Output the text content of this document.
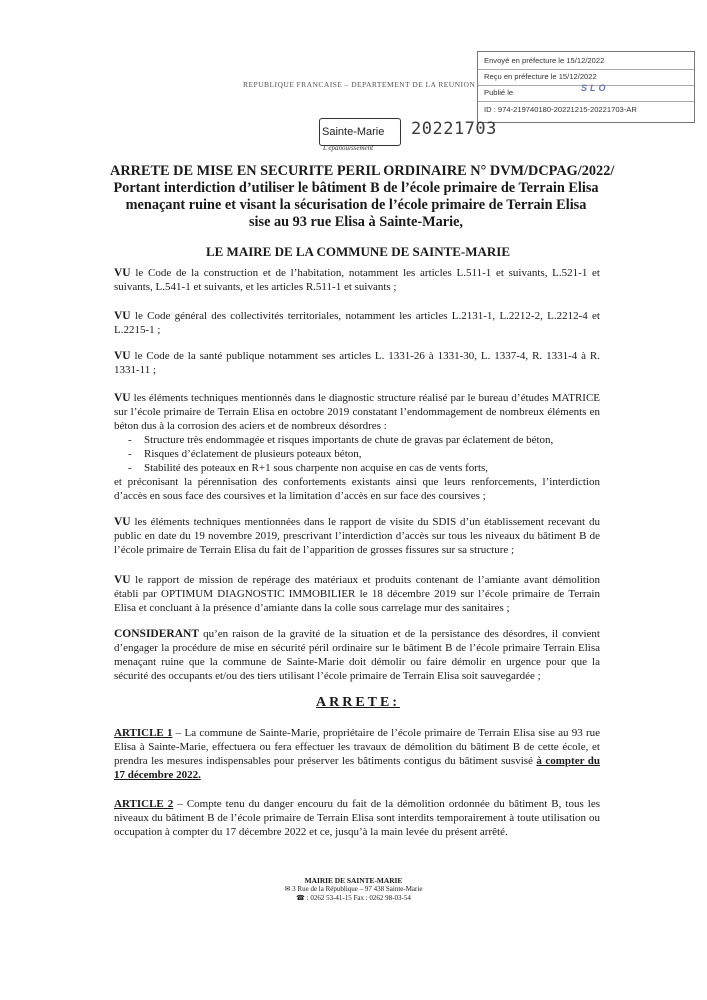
Envoyé en préfecture le 15/12/2022
Reçu en préfecture le 15/12/2022
Publié le	SLO
ID : 974-219740180-20221215-20221703-AR
REPUBLIQUE FRANCAISE – DEPARTEMENT DE LA REUNION
Sainte-Marie
L'épanouissement
20221703
ARRETE DE MISE EN SECURITE PERIL ORDINAIRE N° DVM/DCPAG/2022/
Portant interdiction d’utiliser le bâtiment B de l’école primaire de Terrain Elisa
menaçant ruine et visant la sécurisation de l’école primaire de Terrain Elisa
sise au 93 rue Elisa à Sainte-Marie,
LE MAIRE DE LA COMMUNE DE SAINTE-MARIE
VU le Code de la construction et de l’habitation, notamment les articles L.511-1 et suivants, L.521-1 et suivants, L.541-1 et suivants, et les articles R.511-1 et suivants ;
VU le Code général des collectivités territoriales, notamment les articles L.2131-1, L.2212-2, L.2212-4 et L.2215-1 ;
VU le Code de la santé publique notamment ses articles L. 1331-26 à 1331-30, L. 1337-4, R. 1331-4 à R. 1331-11 ;
VU les éléments techniques mentionnés dans le diagnostic structure réalisé par le bureau d’études MATRICE sur l’école primaire de Terrain Elisa en octobre 2019 constatant l’endommagement de nombreux éléments en béton dus à la corrosion des aciers et de nombreux désordres :
- Structure très endommagée et risques importants de chute de gravas par éclatement de béton,
- Risques d’éclatement de plusieurs poteaux béton,
- Stabilité des poteaux en R+1 sous charpente non acquise en cas de vents forts,
et préconisant la pérennisation des confortements existants ainsi que leurs renforcements, l’interdiction d’accès en sous face des coursives et la limitation d’accès en sur face des coursives ;
VU les éléments techniques mentionnées dans le rapport de visite du SDIS d’un établissement recevant du public en date du 19 novembre 2019, prescrivant l’interdiction d’accès sur tous les niveaux du bâtiment B de l’école primaire de Terrain Elisa du fait de l’apparition de grosses fissures sur sa structure ;
VU le rapport de mission de repérage des matériaux et produits contenant de l’amiante avant démolition établi par OPTIMUM DIAGNOSTIC IMMOBILIER le 18 décembre 2019 sur l’école primaire de Terrain Elisa et concluant à la présence d’amiante dans la colle sous carrelage mur des sanitaires ;
CONSIDERANT qu’en raison de la gravité de la situation et de la persistance des désordres, il convient d’engager la procédure de mise en sécurité péril ordinaire sur le bâtiment B de l’école primaire Terrain Elisa menaçant ruine que la commune de Sainte-Marie doit démolir ou faire démolir en urgence pour que la sécurité des occupants et/ou des tiers utilisant l’école primaire de Terrain Elisa soit sauvegardée ;
ARRETE:
ARTICLE 1 – La commune de Sainte-Marie, propriétaire de l’école primaire de Terrain Elisa sise au 93 rue Elisa à Sainte-Marie, effectuera ou fera effectuer les travaux de démolition du bâtiment B de cette école, et prendra les mesures indispensables pour préserver les bâtiments contigus du bâtiment susvisé à compter du 17 décembre 2022.
ARTICLE 2 – Compte tenu du danger encouru du fait de la démolition ordonnée du bâtiment B, tous les niveaux du bâtiment B de l’école primaire de Terrain Elisa sont interdits temporairement à toute utilisation ou occupation à compter du 17 décembre 2022 et ce, jusqu’à la main levée du présent arrêté.
MAIRIE DE SAINTE-MARIE
✉ 3 Rue de la République – 97 438 Sainte-Marie
☎ : 0262 53-41-15 Fax : 0262 98-03-54
